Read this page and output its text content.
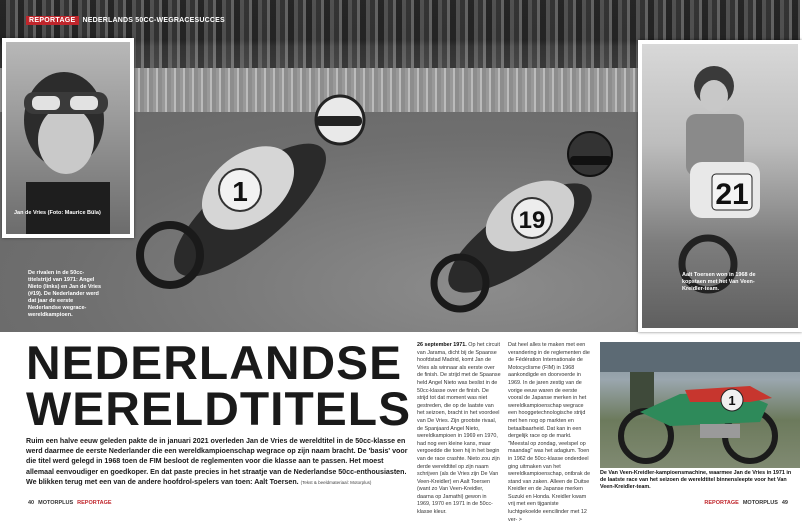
1
19
REPORTAGE	NEDERLANDS 50CC-WEGRACESUCCES
De rivalen in de 50cc-titelstrijd van 1971: Angel Nieto (links) en Jan de Vries (#19). De Nederlander werd dat jaar de eerste Nederlandse wegrace-wereldkampioen.
Jan de Vries (Foto: Maurice Büla)
21
Aalt Toersen won in 1968 de kopstaen met het Van Veen-Kreidler-team.
NEDERLANDSE
WERELDTITELS
Ruim een halve eeuw geleden pakte de in januari 2021 overleden Jan de Vries de wereldtitel in de 50cc-klasse en werd daarmee de eerste Nederlander die een wereldkampioenschap wegrace op zijn naam bracht. De 'basis' voor die titel werd gelegd in 1968 toen de FIM besloot de reglementen voor die klasse aan te passen. Het moest allemaal eenvoudiger en goedkoper. En dat paste precies in het straatje van de Nederlandse 50cc-enthousiasten. We blikken terug met een van de andere hoofdrol-spelers van toen: Aalt Toersen. (Tekst & beeldmateriaal: Motorplus)
26 september 1971. Op het circuit van Jarama, dicht bij de Spaanse hoofdstad Madrid, komt Jan de Vries als winnaar als eerste over de finish. De strijd met de Spaanse held Angel Nieto was beslist in de 50cc-klasse over de finish. De strijd tot dat moment was niet gestreden, die op de laatste van het seizoen, bracht in het voordeel van De Vries. Zijn grootste rivaal, de Spanjaard Angel Nieto, wereldkampioen in 1969 en 1970, had nog een kleine kans, maar vergoedde die toen hij in het begin van de race crashte. Nieto zou zijn derde wereldtitel op zijn naam schrijven (als de Vries zijn De Van Veen-Kreidler) en Aalt Toersen (want zo Van Veen-Kreidler, daarna op Jamathi) gewon in 1969, 1970 en 1971 in de 50cc-klasse kleur.
Dat heel alles te maken met een verandering in de reglementen die de Fédération Internationale de Motocyclisme (FIM) in 1968 aankondigde en doorvoerde in 1969. In de jaren zestig van de vorige eeuw waren de eerste vooral de Japanse merken in het wereldkampioenschap wegrace een hooggetechnologische strijd met hen nog op markten en betaalbaarheid. Dat kan in een dergelijk race op de markt. "Meestal op zondag, veelspel op maandag" was het adagium. Toen in 1962 de 50cc-klasse onderdeel ging uitmaken van het wereldkampioenschap, ontbrak de stand van zaken. Alleen de Duitse Kreidler en de Japanse merken Suzuki en Honda. Kreidler kwam vrij met een tijganiste luchtgekoelde eencilinder met 12 ver- >
1
De Van Veen-Kreidler-kampioensmachine, waarmee Jan de Vries in 1971 in de laatste race van het seizoen de wereldtitel binnensleepte voor het Van Veen-Kreidler-team.
40 MOTORPLUS REPORTAGE	REPORTAGE MOTORPLUS 49
